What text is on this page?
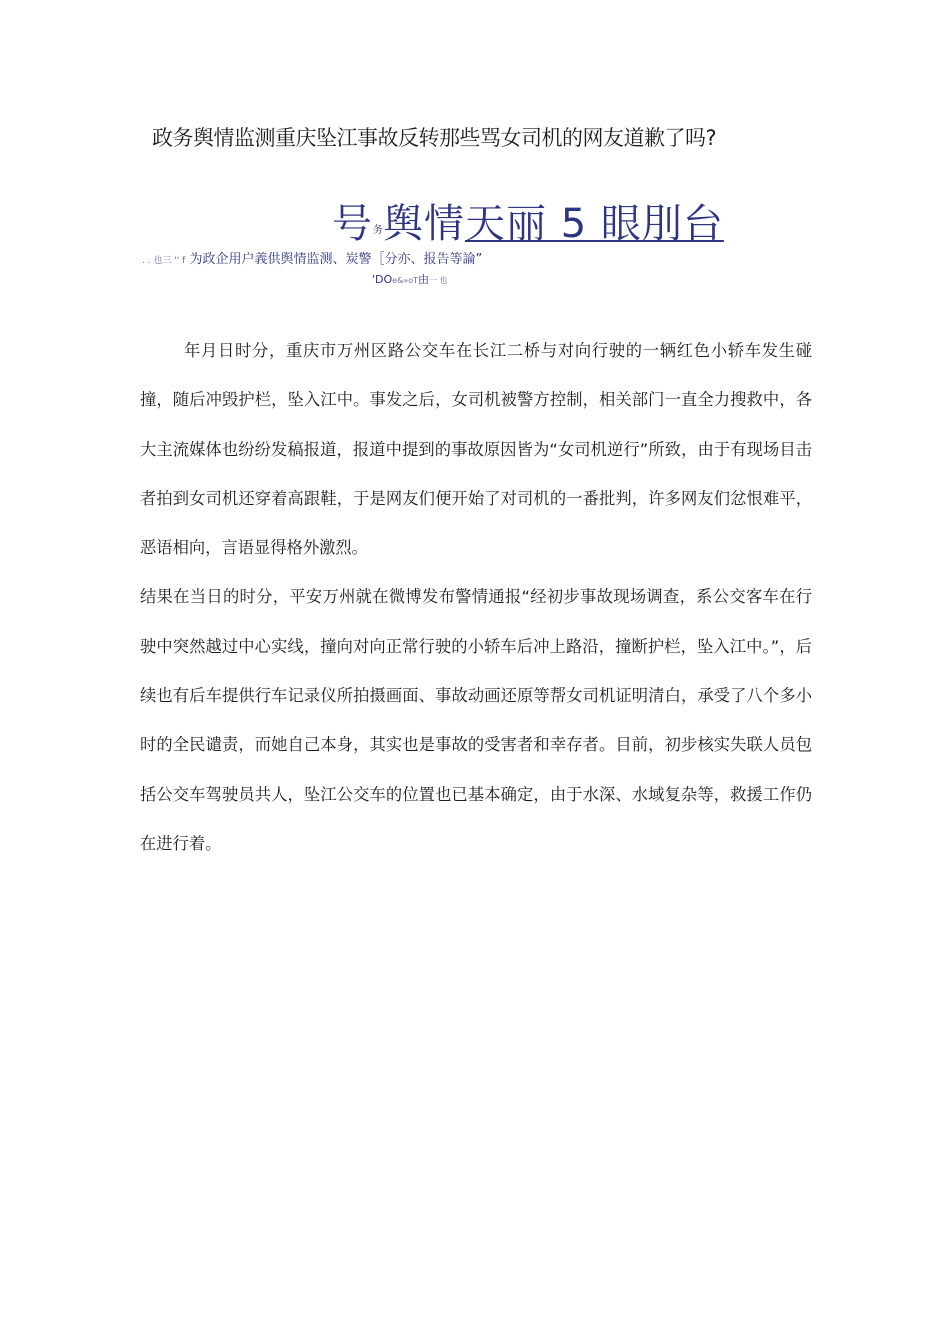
政务舆情监测重庆坠江事故反转那些骂女司机的网友道歉了吗?
号务舆情天丽 5 眼刖台
. . 也三 '' f 为政企用户義供舆情监测、炭警［分亦、报告等論”
'DOe&»oT由一 也

年月日时分，重庆市万州区路公交车在长江二桥与对向行驶的一辆红色小轿车发生碰撞，随后冲毁护栏，坠入江中。事发之后，女司机被警方控制，相关部门一直全力搜救中，各大主流媒体也纷纷发稿报道，报道中提到的事故原因皆为“女司机逆行”所致，由于有现场目击者拍到女司机还穿着高跟鞋，于是网友们便开始了对司机的一番批判，许多网友们忿恨难平，恶语相向，言语显得格外激烈。

结果在当日的时分，平安万州就在微博发布警情通报“经初步事故现场调查，系公交客车在行驶中突然越过中心实线，撞向对向正常行驶的小轿车后冲上路沿，撞断护栏，坠入江中。”，后续也有后车提供行车记录仪所拍摄画面、事故动画还原等帮女司机证明清白，承受了八个多小时的全民谴责，而她自己本身，其实也是事故的受害者和幸存者。目前，初步核实失联人员包括公交车驾驶员共人，坠江公交车的位置也已基本确定，由于水深、水域复杂等，救援工作仍在进行着。
